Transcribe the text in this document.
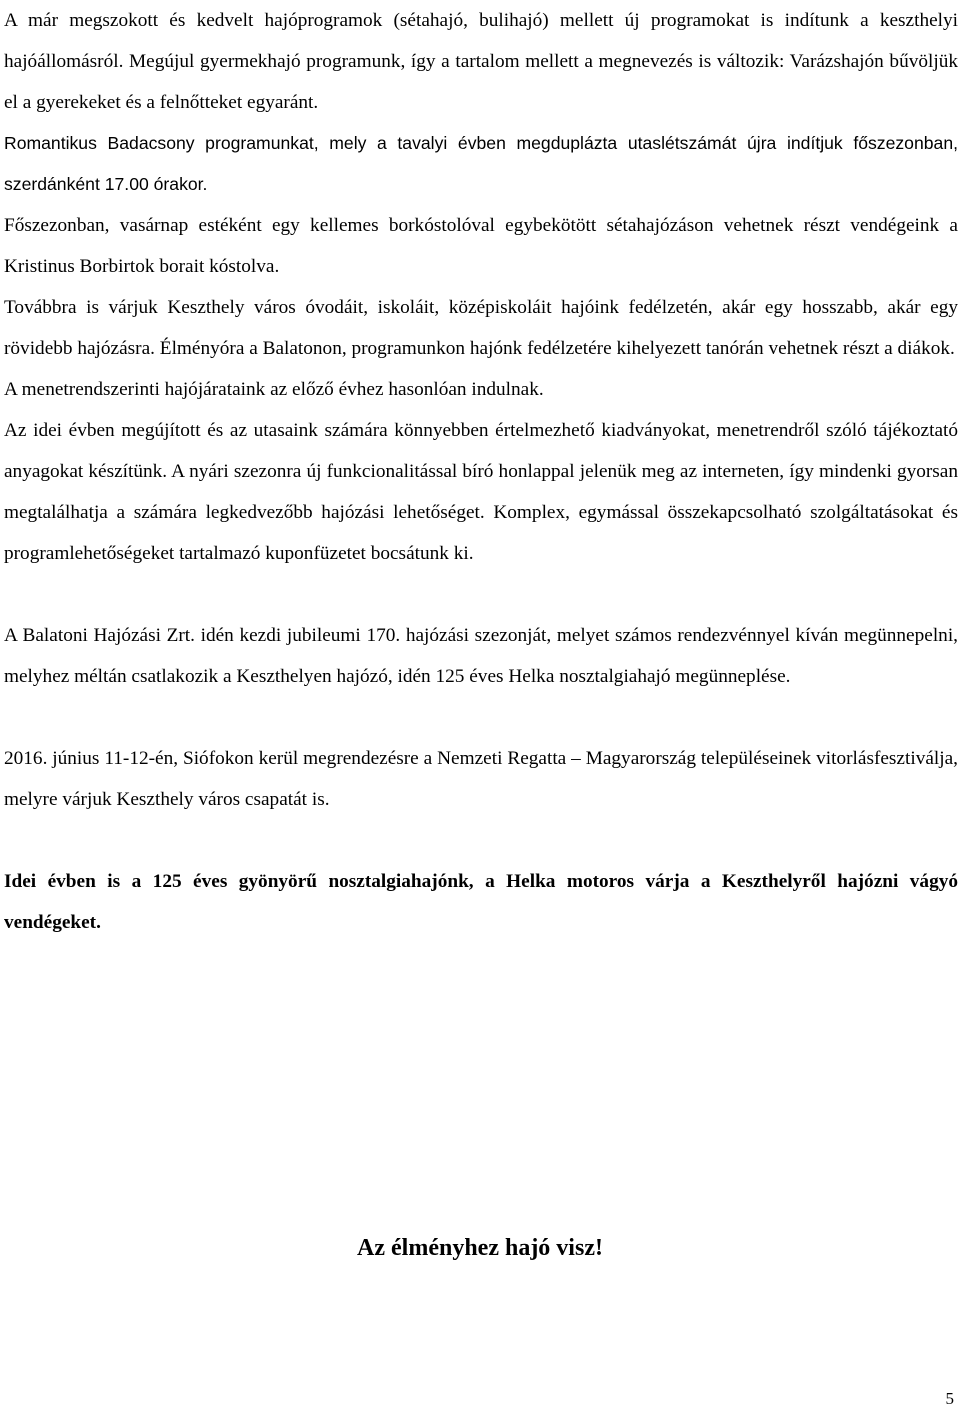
A már megszokott és kedvelt hajóprogramok (sétahajó, bulihajó) mellett új programokat is indítunk a keszthelyi hajóállomásról. Megújul gyermekhajó programunk, így a tartalom mellett a megnevezés is változik: Varázshajón bűvöljük el a gyerekeket és a felnőtteket egyaránt.

Romantikus Badacsony programunkat, mely a tavalyi évben megduplázta utaslétszámát újra indítjuk főszezonban, szerdánként 17.00 órakor.

Főszezonban, vasárnap estéként egy kellemes borkóstolóval egybekötött sétahajózáson vehetnek részt vendégeink a Kristinus Borbirtok borait kóstolva.

Továbbra is várjuk Keszthely város óvodáit, iskoláit, középiskoláit hajóink fedélzetén, akár egy hosszabb, akár egy rövidebb hajózásra. Élményóra a Balatonon, programunkon hajónk fedélzetére kihelyezett tanórán vehetnek részt a diákok.

A menetrendszerinti hajójárataink az előző évhez hasonlóan indulnak.

Az idei évben megújított és az utasaink számára könnyebben értelmezhető kiadványokat, menetrendről szóló tájékoztató anyagokat készítünk. A nyári szezonra új funkcionalitással bíró honlappal jelenük meg az interneten, így mindenki gyorsan megtalálhatja a számára legkedvezőbb hajózási lehetőséget. Komplex, egymással összekapcsolható szolgáltatásokat és programlehetőségeket tartalmazó kuponfüzetet bocsátunk ki.

A Balatoni Hajózási Zrt. idén kezdi jubileumi 170. hajózási szezonját, melyet számos rendezvénnyel kíván megünnepelni, melyhez méltán csatlakozik a Keszthelyen hajózó, idén 125 éves Helka nosztalgiahajó megünneplése.

2016. június 11-12-én, Siófokon kerül megrendezésre a Nemzeti Regatta – Magyarország településeinek vitorlásfesztiválja, melyre várjuk Keszthely város csapatát is.

Idei évben is a 125 éves gyönyörű nosztalgiahajónk, a Helka motoros várja a Keszthelyről hajózni vágyó vendégeket.

Az élményhez hajó visz!
5
